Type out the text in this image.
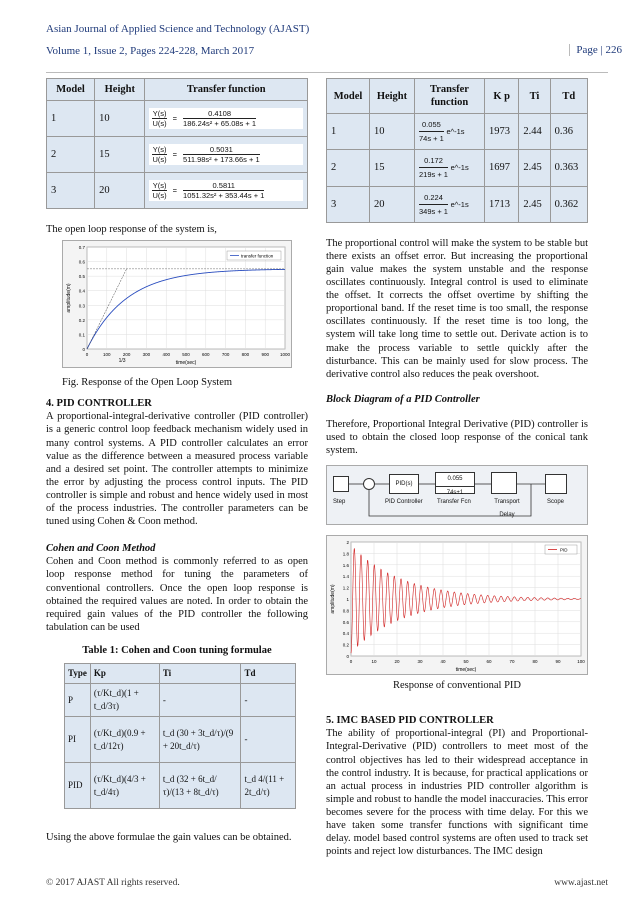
Asian Journal of Applied Science and Technology (AJAST)
Volume 1, Issue 2, Pages 224-228, March 2017	Page | 226
Model	Height	Transfer function
1	10	$\frac{Y(s)}{U(s)} = \frac{0.4108}{\text{186.24s² + 65.08s + 1}}$

2	15	$\frac{Y(s)}{U(s)} = \frac{0.5031}{\text{511.98s² + 173.66s + 1}}$

3	20	$\frac{Y(s)}{U(s)} = \frac{0.5811}{\text{1051.32s² + 353.44s + 1}}$
The open loop response of the system is,
0
0.1
0.2
0.3
0.4
0.5
0.6
0.7
0	100	200	300	400	500	600	700	800	900 1000
time(sec)
amplitude(m)
1/3
transfer function
Fig. Response of the Open Loop System
4. PID CONTROLLER
A proportional-integral-derivative controller (PID controller) is a generic control loop feedback mechanism widely used in many control systems. A PID controller calculates an error value as the difference between a measured process variable and a desired set point. The controller attempts to minimize the error by adjusting the process control inputs. The PID controller is simple and robust and hence widely used in most of the process industries. The controller parameters can be tuned using Cohen & Coon method.
Cohen and Coon Method
Cohen and Coon method is commonly referred to as open loop response method for tuning the parameters of conventional controllers. Once the open loop response is obtained the required values are noted. In order to obtain the required gain values of the PID controller the following tabulation can be used
Table 1: Cohen and Coon tuning formulae
Type	Kp	Ti	Td
P	(τ/Kt_d)(1 + t_d/3τ)	-	-
PI	(τ/Kt_d)(0.9 + t_d/12τ)	t_d (30 + 3t_d/τ)/(9 + 20t_d/τ)	-
PID	(τ/Kt_d)(4/3 + t_d/4τ)	t_d (32 + 6t_d/τ)/(13 + 8t_d/τ)	t_d 4/(11 + 2t_d/τ)
Using the above formulae the gain values can be obtained.
Model	Height	Transfer function	K p	Ti	Td
1	10	$\frac{0.055}{74s + 1}$ e^-1s	1973	2.44	0.36
2	15	$\frac{0.172}{219s + 1}$ e^-1s	1697	2.45	0.363
3	20	$\frac{0.224}{349s + 1}$ e^-1s	1713	2.45	0.362
The proportional control will make the system to be stable but there exists an offset error. But increasing the proportional gain value makes the system unstable and the response oscillates continuously. Integral control is used to eliminate the offset. It corrects the offset overtime by shifting the proportional band. If the reset time is too small, the response oscillates continuously. If the reset time is too long, the system will take long time to settle out. Derivate action is to make the process variable to settle quickly after the disturbance. This can be mainly used for slow process. The derivative control also reduces the peak overshoot.
Block Diagram of a PID Controller
Therefore, Proportional Integral Derivative (PID) controller is used to obtain the closed loop response of the conical tank system.
Step
PID(s)
PID Controller
0.055
74s+1
Transfer Fcn	Transport Delay
Scope
0
0.2
0.4
0.6
0.8
1
1.2
1.4
1.6
1.8
2
0	10	20	30	40	50	60	70	80	90	100
time(sec)
amplitude(m)
PID
Response of conventional PID
5. IMC BASED PID CONTROLLER
The ability of proportional-integral (PI) and Proportional-Integral-Derivative (PID) controllers to meet most of the control objectives has led to their widespread acceptance in the control industry. It is because, for practical applications or an actual process in industries PID controller algorithm is simple and robust to handle the model inaccuracies. This error becomes severe for the process with time delay. For this we have taken some transfer functions with significant time delay. model based control systems are often used to track set points and reject low disturbances. The IMC design
© 2017 AJAST All rights reserved.	www.ajast.net
